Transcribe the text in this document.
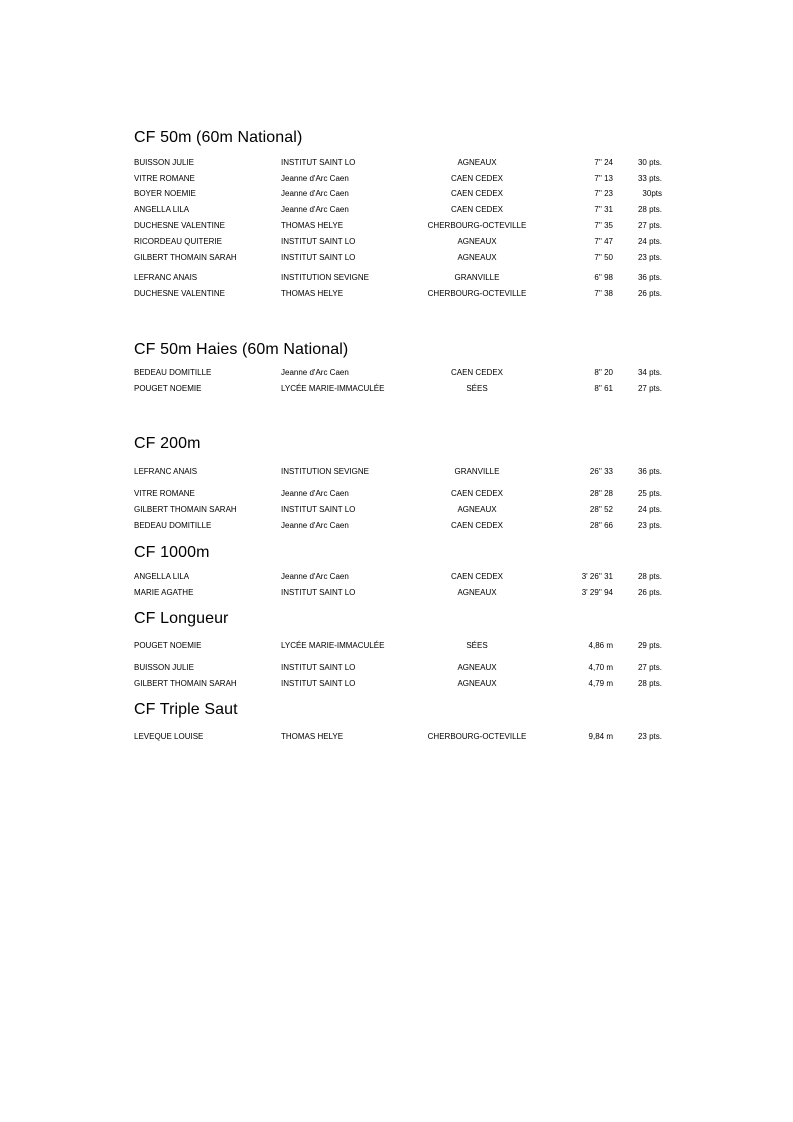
CF 50m (60m National)
BUISSON JULIE	INSTITUT SAINT LO	AGNEAUX	7'' 24	30 pts.
VITRE ROMANE	Jeanne d'Arc Caen	CAEN CEDEX	7'' 13	33 pts.
BOYER NOEMIE	Jeanne d'Arc Caen	CAEN CEDEX	7'' 23	30pts
ANGELLA LILA	Jeanne d'Arc Caen	CAEN CEDEX	7'' 31	28 pts.
DUCHESNE VALENTINE	THOMAS HELYE	CHERBOURG-OCTEVILLE	7'' 35	27 pts.
RICORDEAU QUITERIE	INSTITUT SAINT LO	AGNEAUX	7'' 47	24 pts.
GILBERT THOMAIN SARAH	INSTITUT SAINT LO	AGNEAUX	7'' 50	23 pts.
LEFRANC ANAIS	INSTITUTION SEVIGNE	GRANVILLE	6'' 98	36 pts.
DUCHESNE VALENTINE	THOMAS HELYE	CHERBOURG-OCTEVILLE	7'' 38	26 pts.
CF 50m Haies (60m National)
BEDEAU DOMITILLE	Jeanne d'Arc Caen	CAEN CEDEX	8'' 20	34 pts.
POUGET NOEMIE	LYCÉE MARIE-IMMACULÉE	SÉES	8'' 61	27 pts.
CF 200m
LEFRANC ANAIS	INSTITUTION SEVIGNE	GRANVILLE	26'' 33	36 pts.
VITRE ROMANE	Jeanne d'Arc Caen	CAEN CEDEX	28'' 28	25 pts.
GILBERT THOMAIN SARAH	INSTITUT SAINT LO	AGNEAUX	28'' 52	24 pts.
BEDEAU DOMITILLE	Jeanne d'Arc Caen	CAEN CEDEX	28'' 66	23 pts.
CF 1000m
ANGELLA LILA	Jeanne d'Arc Caen	CAEN CEDEX	3' 26'' 31	28 pts.
MARIE AGATHE	INSTITUT SAINT LO	AGNEAUX	3' 29'' 94	26 pts.
CF Longueur
POUGET NOEMIE	LYCÉE MARIE-IMMACULÉE	SÉES	4,86 m	29 pts.
BUISSON JULIE	INSTITUT SAINT LO	AGNEAUX	4,70 m	27 pts.
GILBERT THOMAIN SARAH	INSTITUT SAINT LO	AGNEAUX	4,79 m	28 pts.
CF Triple Saut
LEVEQUE LOUISE	THOMAS HELYE	CHERBOURG-OCTEVILLE	9,84 m	23 pts.
